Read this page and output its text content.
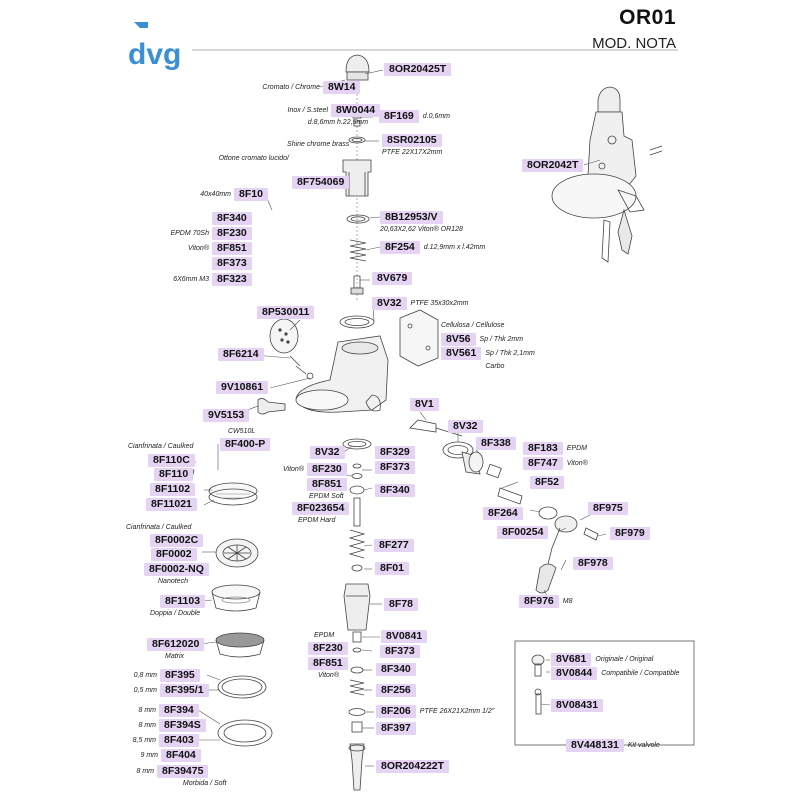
dvg
OR01
MOD. NOTA
8OR20425T
8W14
Cromato / Chrome
8W0044
Inox / S.steel
d.8,6mm h.22,5mm
8F169	d.0,6mm
8SR02105
PTFE 22X17X2mm
8F754069
Ottone cromato lucido/
Shine chrome brass
8OR2042T
8F10
40x40mm
8F340
8F230
EPDM 70Sh
8F851
Viton®
8F373
8F323
6X6mm M3
8B12953/V
20,63X2,62 Viton® OR128
8F254	d.12,9mm x l.42mm
8V679
8P530011
8V32	PTFE 35x30x2mm
8V56
Cellulosa / Cellulose
Sp / Thk 2mm
8V561	Sp / Thk 2,1mm
Carbo
8F6214
9V10861
8V1
9V5153
8V32
8F338	8F183	EPDM
8F747	Viton®
8F400-P
CW510L
8V32	8F329
8F230
Viton®	8F373
8F851
EPDM Soft
8F340
8F52
8F023654
EPDM Hard
8F264	8F975
8F00254	8F979
8F110C
Cianfrinata / Caulked
8F110
8F1102
8F11021
8F0002C
Cianfrinata / Caulked
8F0002
8F0002-NQ
Nanotech
8F277
8F01	8F978
8F1103
Doppia / Double
8F78	8F976	M8
8F612020
Matrix
8V0841
8F230
EPDM
8F373
8F851
Viton®
8F340
8F256
8F395
0,8 mm
8F395/1
0,5 mm
8F394
8 mm
8F394S
8 mm
8F403
8,5 mm
8F404
9 mm
8F39475
8 mm
Morbida / Soft
8F206	PTFE 26X21X2mm 1/2"
8F397
8OR204222T
8V681	Originale / Original
8V0844	Compatibile / Compatible
8V08431
8V448131	Kit valvole
